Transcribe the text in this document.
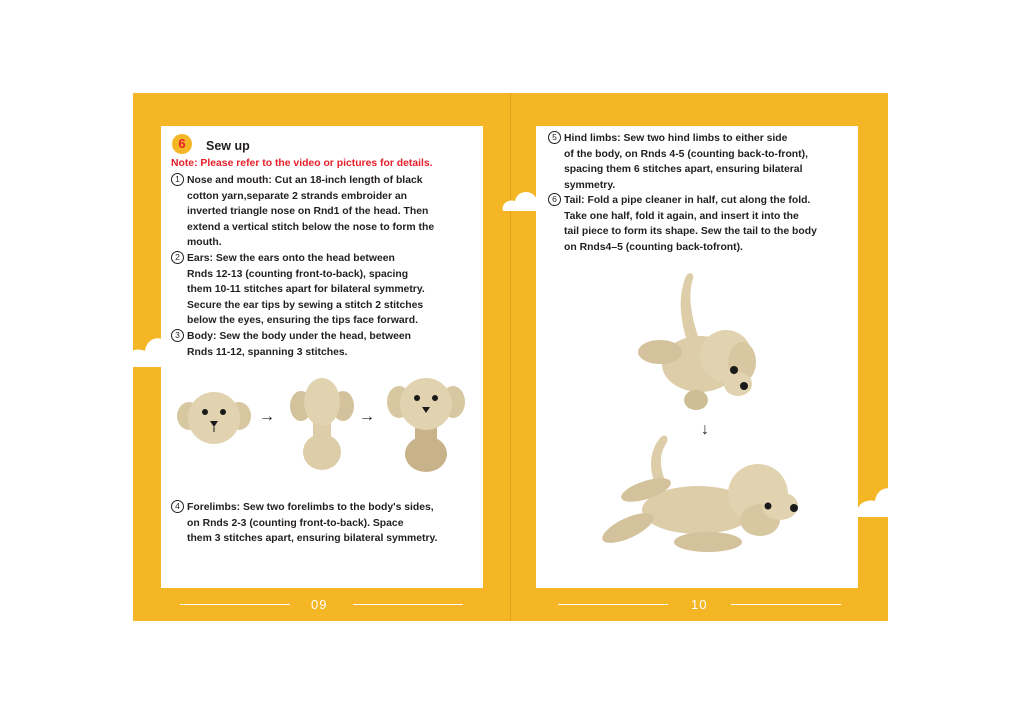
6	Sew up
Note: Please refer to the video or pictures for details.
1 Nose and mouth: Cut an 18-inch length of black
cotton yarn,separate 2 strands embroider an
inverted triangle nose on Rnd1 of the head. Then
extend a vertical stitch below the nose to form the
mouth.
2 Ears: Sew the ears onto the head between
Rnds 12-13 (counting front-to-back), spacing
them 10-11 stitches apart for bilateral symmetry.
Secure the ear tips by sewing a stitch 2 stitches
below the eyes, ensuring the tips face forward.
3 Body: Sew the body under the head, between
Rnds 11-12, spanning 3 stitches.
→	→
4 Forelimbs: Sew two forelimbs to the body's sides,
on Rnds 2-3 (counting front-to-back). Space
them 3 stitches apart, ensuring bilateral symmetry.
5 Hind limbs: Sew two hind limbs to either side
of the body, on Rnds 4-5 (counting back-to-front),
spacing them 6 stitches apart, ensuring bilateral
symmetry.
6 Tail: Fold a pipe cleaner in half, cut along the fold.
Take one half, fold it again, and insert it into the
tail piece to form its shape. Sew the tail to the body
on Rnds4–5 (counting back-tofront).
↓
09	10
